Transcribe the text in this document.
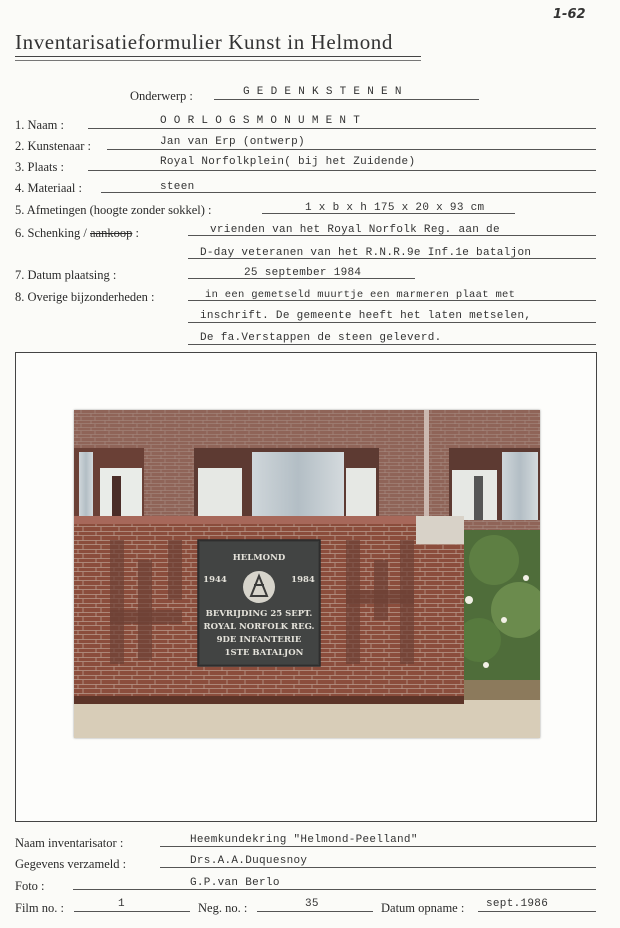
1-62
Inventarisatieformulier Kunst in Helmond
Onderwerp :	G E D E N K S T E N E N
1. Naam :	O O R L O G S M O N U M E N T
2. Kunstenaar :	Jan van Erp (ontwerp)
3. Plaats :	Royal Norfolkplein( bij het Zuidende)
4. Materiaal :	steen
5. Afmetingen (hoogte zonder sokkel) :	1 x b x h 175 x 20 x 93 cm
6. Schenking / aankoop :	vrienden van het Royal Norfolk Reg. aan de
D-day veteranen van het R.N.R.9e Inf.1e bataljon
7. Datum plaatsing :	25 september 1984
8. Overige bijzonderheden :	in een gemetseld muurtje een marmeren plaat met
inschrift. De gemeente heeft het laten metselen,
De fa.Verstappen de steen geleverd.
HELMOND
1944	1984
BEVRIJDING 25 SEPT.
ROYAL NORFOLK REG.
9DE INFANTERIE
1STE BATALJON
Naam inventarisator :	Heemkundekring "Helmond-Peelland"
Gegevens verzameld :	Drs.A.A.Duquesnoy
Foto :	G.P.van Berlo
Film no. :	1	Neg. no. :	35	Datum opname : sept.1986
